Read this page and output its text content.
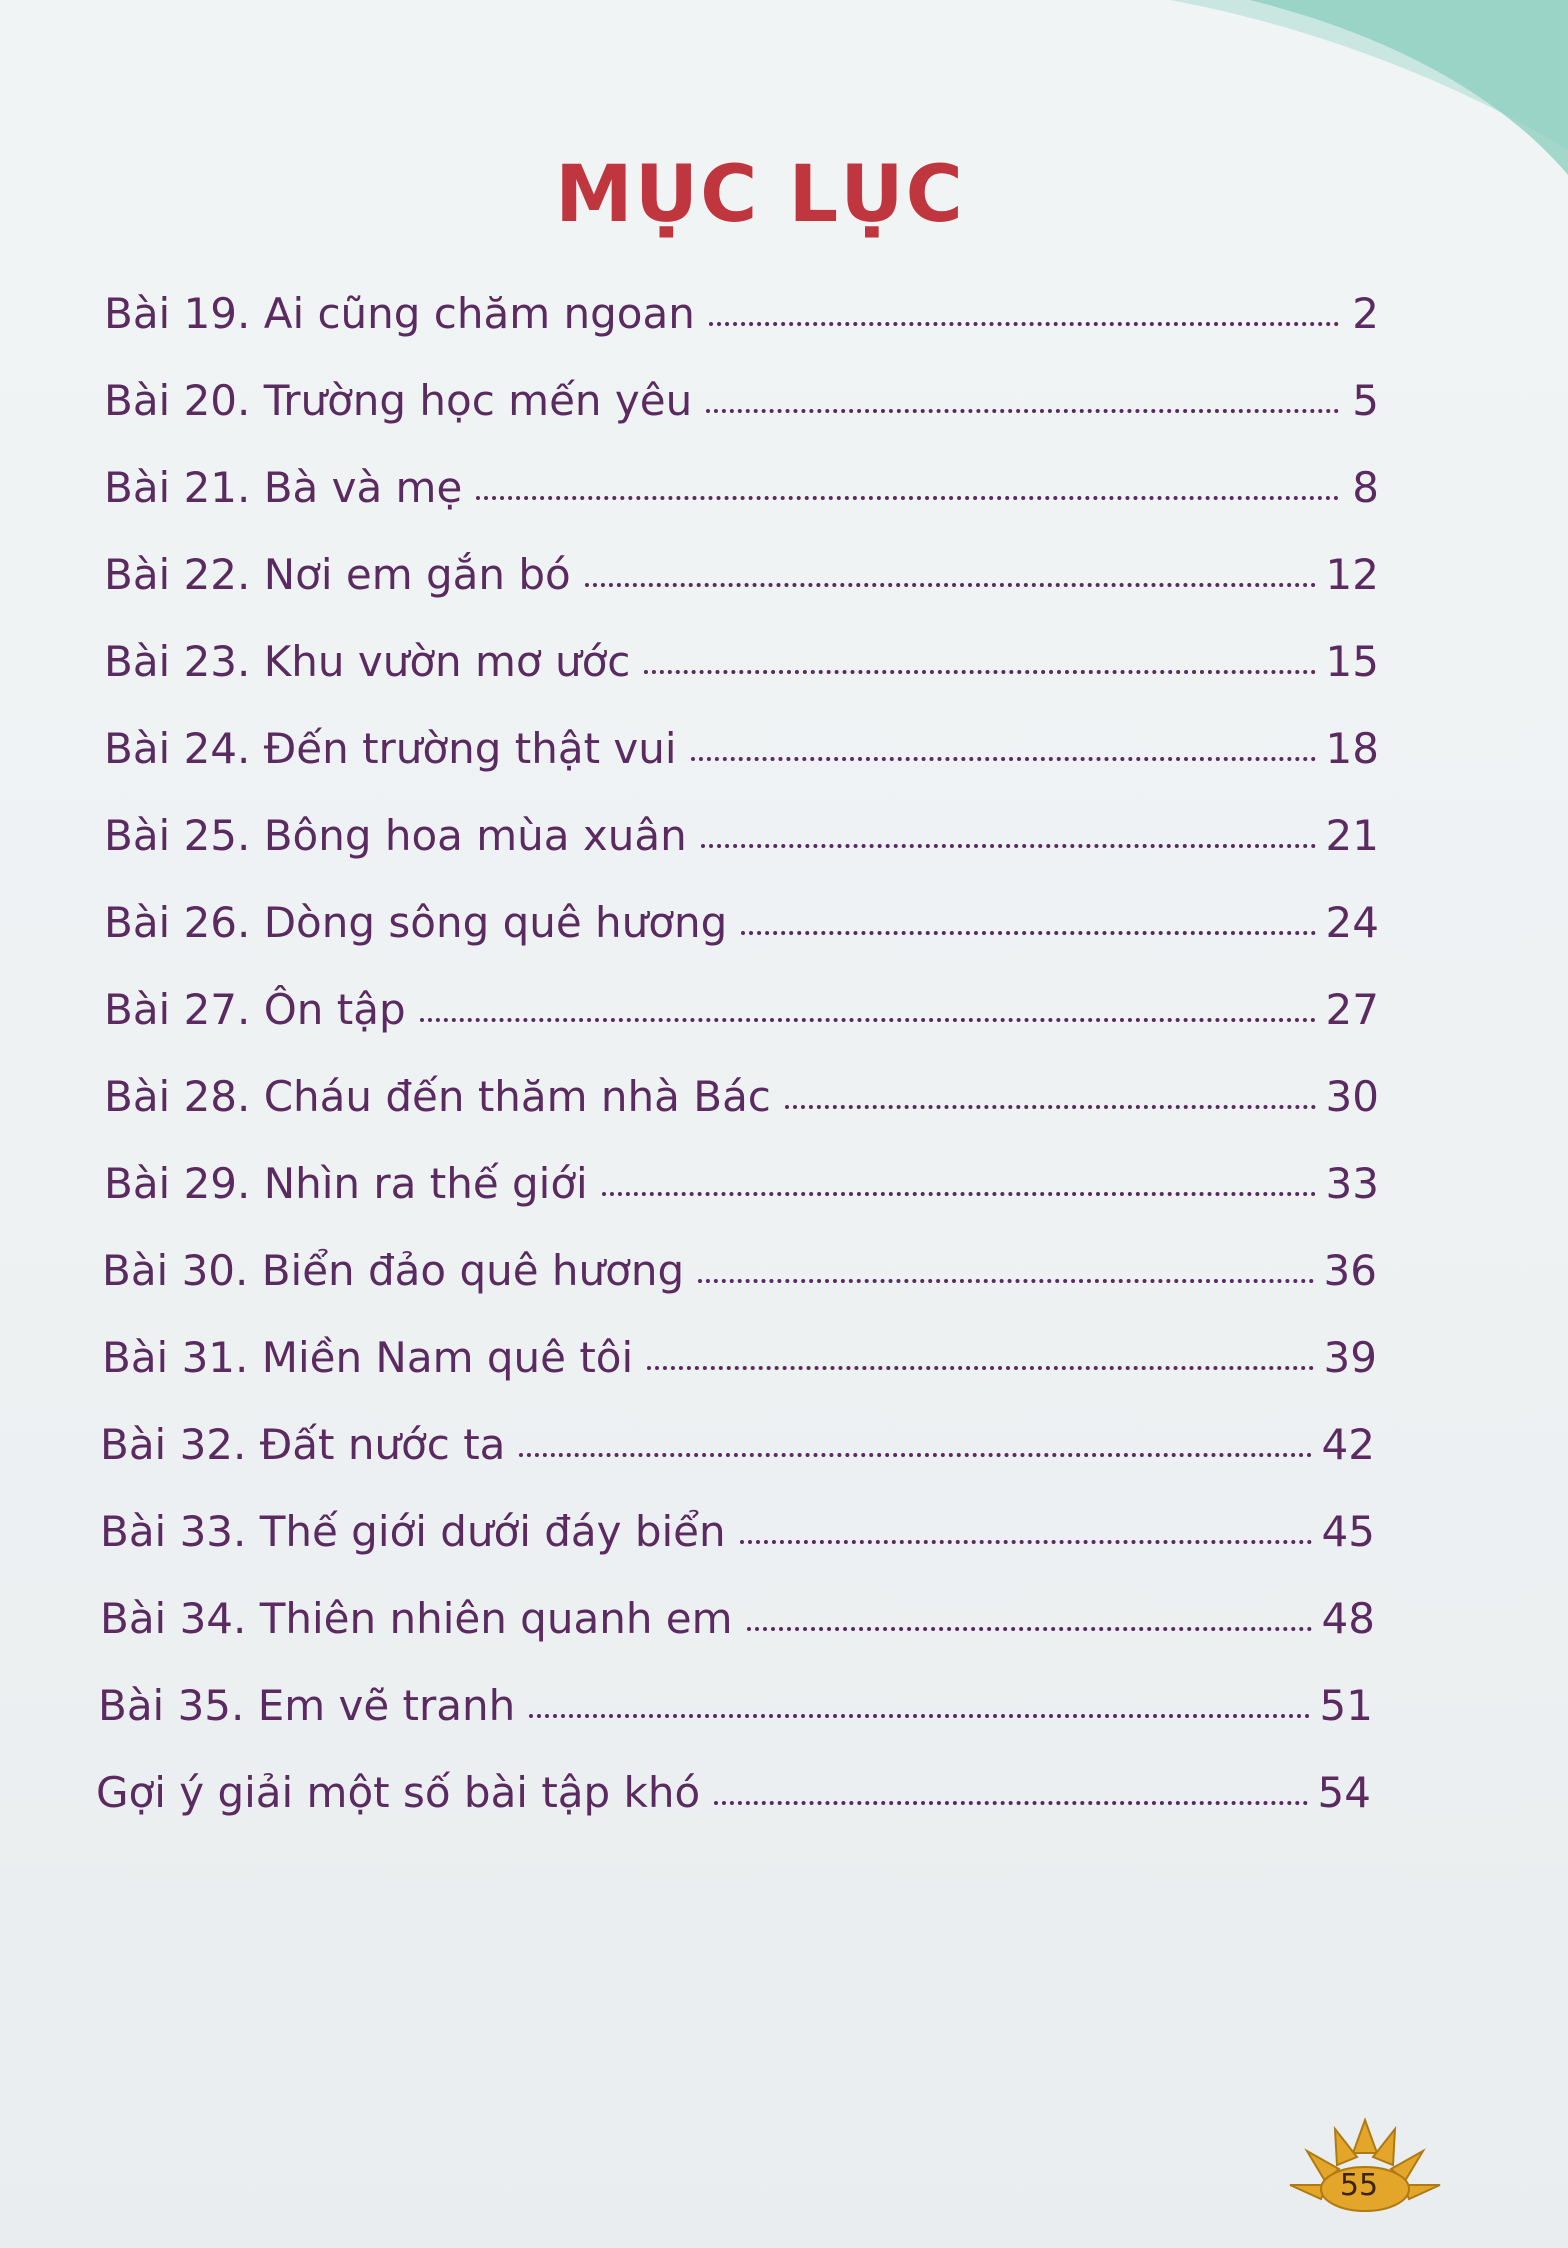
MỤC LỤC
Bài 19. Ai cũng chăm ngoan	2
Bài 20. Trường học mến yêu	5
Bài 21. Bà và mẹ	8
Bài 22. Nơi em gắn bó	12
Bài 23. Khu vườn mơ ước	15
Bài 24. Đến trường thật vui	18
Bài 25. Bông hoa mùa xuân	21
Bài 26. Dòng sông quê hương	24
Bài 27. Ôn tập	27
Bài 28. Cháu đến thăm nhà Bác	30
Bài 29. Nhìn ra thế giới	33
Bài 30. Biển đảo quê hương	36
Bài 31. Miền Nam quê tôi	39
Bài 32. Đất nước ta	42
Bài 33. Thế giới dưới đáy biển	45
Bài 34. Thiên nhiên quanh em	48
Bài 35. Em vẽ tranh	51
Gợi ý giải một số bài tập khó	54
55
